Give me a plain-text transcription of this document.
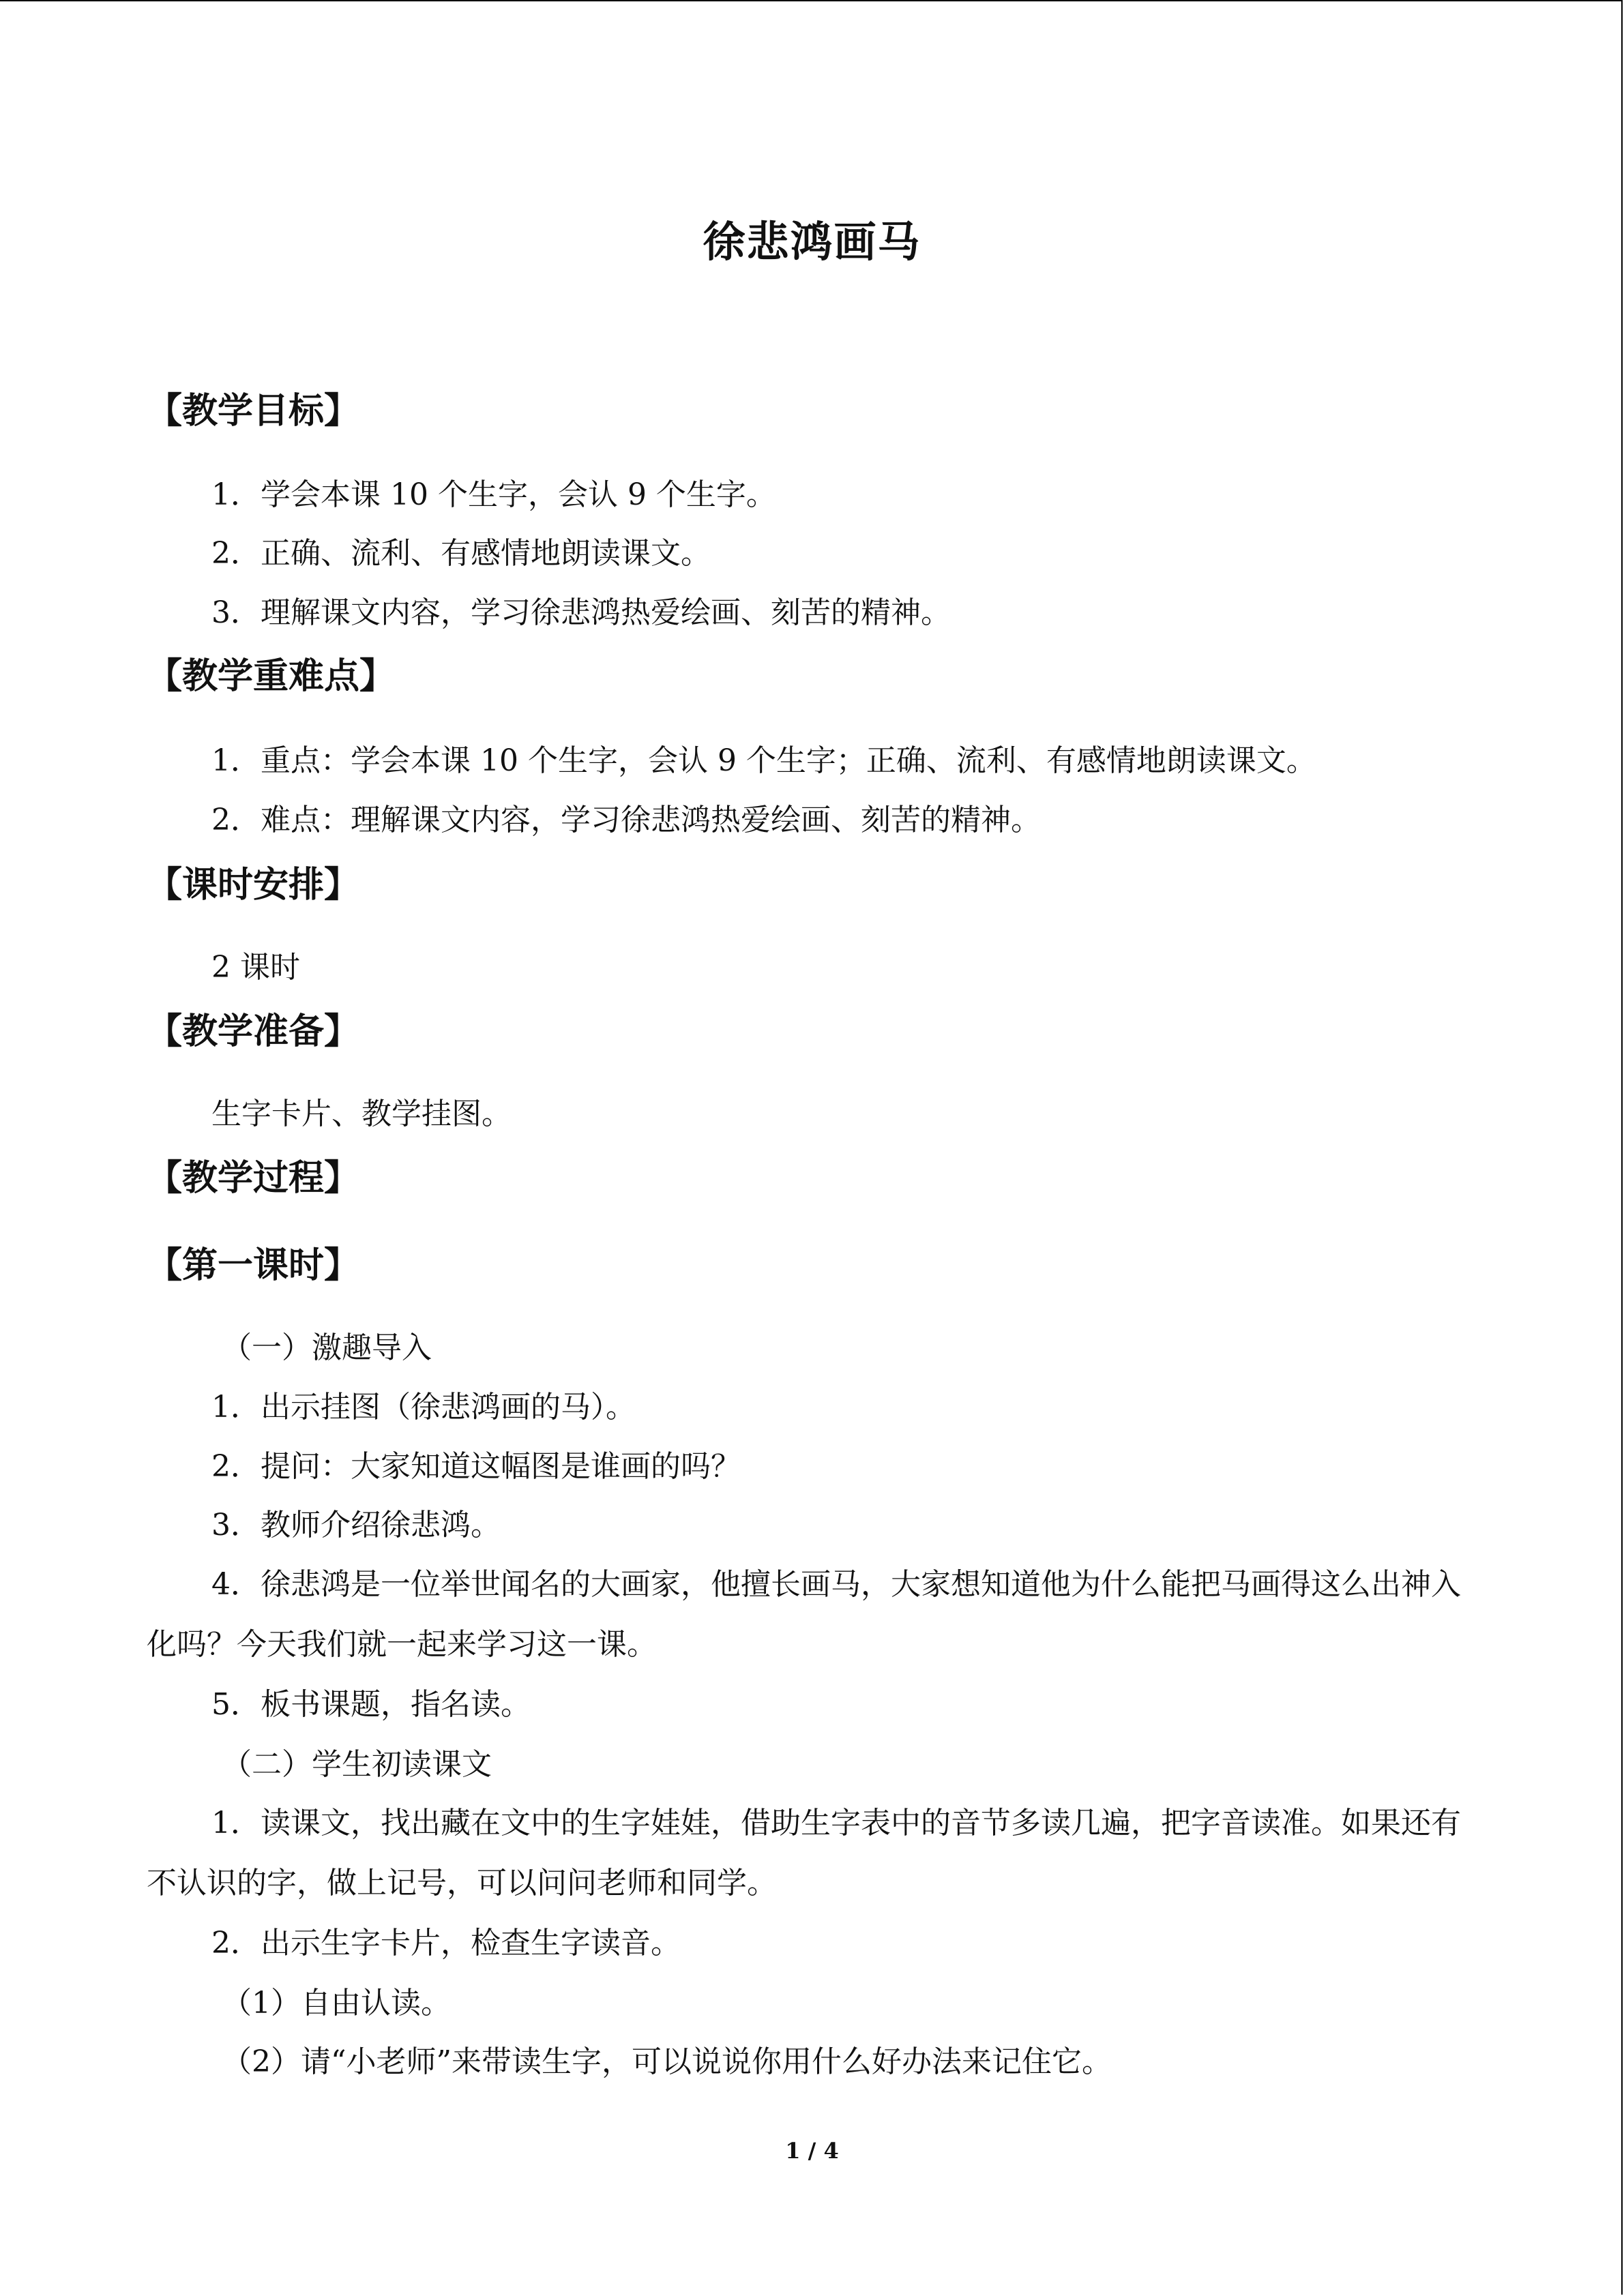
徐悲鸿画马
【教学目标】
1．学会本课 10 个生字，会认 9 个生字。
2．正确、流利、有感情地朗读课文。
3．理解课文内容，学习徐悲鸿热爱绘画、刻苦的精神。
【教学重难点】
1．重点：学会本课 10 个生字，会认 9 个生字；正确、流利、有感情地朗读课文。
2．难点：理解课文内容，学习徐悲鸿热爱绘画、刻苦的精神。
【课时安排】
2 课时
【教学准备】
生字卡片、教学挂图。
【教学过程】
【第一课时】
（一）激趣导入
1．出示挂图（徐悲鸿画的马）。
2．提问：大家知道这幅图是谁画的吗？
3．教师介绍徐悲鸿。
4．徐悲鸿是一位举世闻名的大画家，他擅长画马，大家想知道他为什么能把马画得这么出神入化吗？今天我们就一起来学习这一课。
5．板书课题，指名读。
（二）学生初读课文
1．读课文，找出藏在文中的生字娃娃，借助生字表中的音节多读几遍，把字音读准。如果还有不认识的字，做上记号，可以问问老师和同学。
2．出示生字卡片，检查生字读音。
（1）自由认读。
（2）请“小老师”来带读生字，可以说说你用什么好办法来记住它。
1 / 4
